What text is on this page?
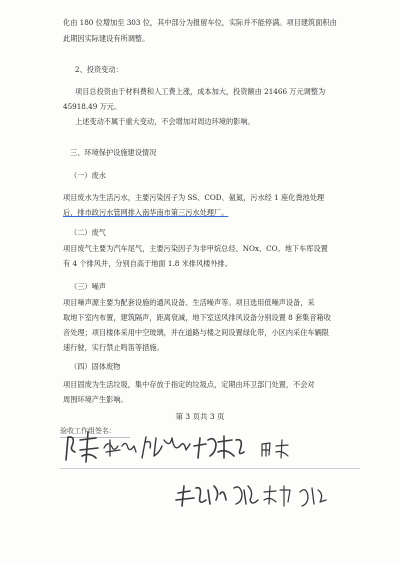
化由 180 位增加至 303 位，其中部分为报留车位，实际并不能停满。项目建筑面积由
此期因实际建设有所调整。
2、投资变动：
项目总投资由于材料费和人工费上涨，成本加大，投资额由 21466 万元调整为
45918.49 万元。
上述变动不属于重大变动，不会增加对周边环境的影响。
三、环境保护设施建设情况
（一）废水
项目废水为生活污水，主要污染因子为 SS、COD、氨氮，污水经 1 座化粪池处理
后，排市政污水管网排入南华南市第三污水处理厂。
（二）废气
项目废气主要为汽车尾气，主要污染因子为非甲烷总烃、NOx、CO。地下车库设置
有 4 个排风井，分别自高于地面 1.8 米排风楼外排。
（三）噪声
项目噪声源主要为配套设施的通风设备、生活噪声等。项目选用低噪声设备，采
取地下室内布置，建筑隔声，距离衰减，地下室送风排风设备分别设置 8 套集音箱收
音处理；项目楼体采用中空玻璃，并在道路与楼之间设置绿化带，小区内采住车辆限
速行驶，实行禁止鸣笛等措施。
（四）固体废物
项目固废为生活垃圾，集中存放于指定的垃圾点，定期由环卫部门处置，不会对
周围环境产生影响。
第 3 页共 3 页
验收工作组签名：
